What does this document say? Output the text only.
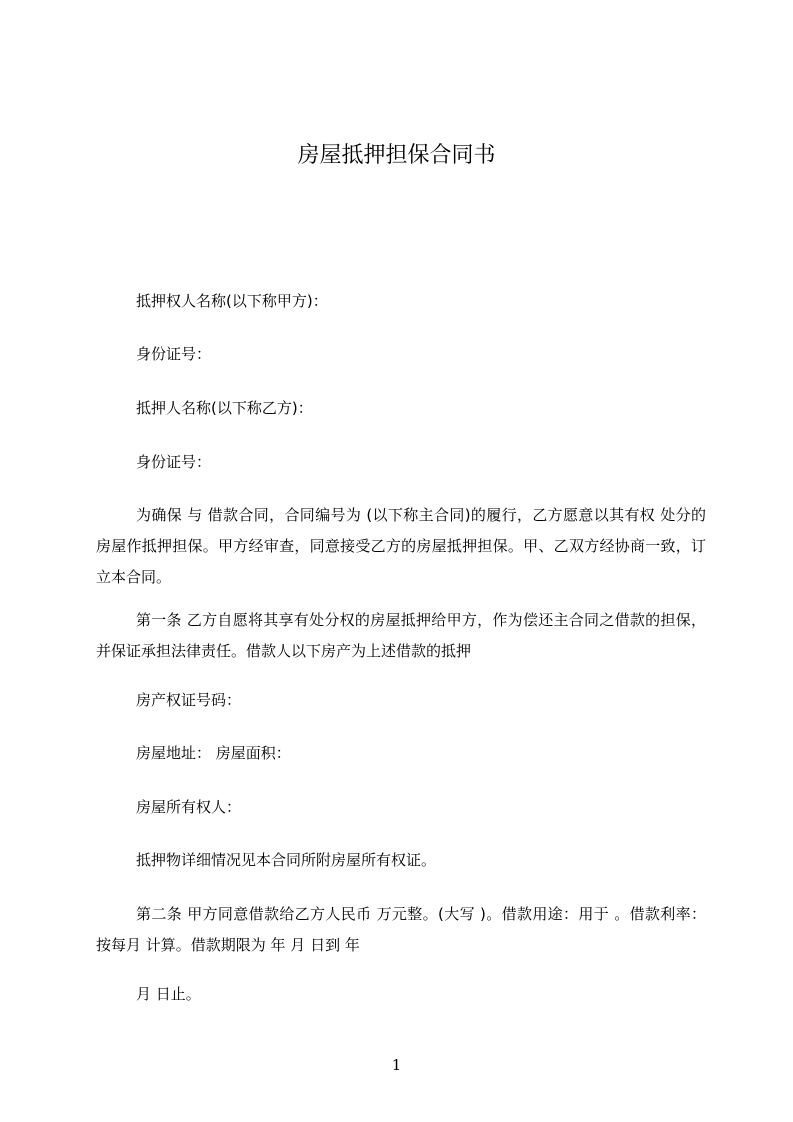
房屋抵押担保合同书
抵押权人名称(以下称甲方)：
身份证号：
抵押人名称(以下称乙方)：
身份证号：
为确保 与 借款合同，合同编号为 (以下称主合同)的履行，乙方愿意以其有权 处分的房屋作抵押担保。甲方经审查，同意接受乙方的房屋抵押担保。甲、乙双方经协商一致，订立本合同。
第一条 乙方自愿将其享有处分权的房屋抵押给甲方，作为偿还主合同之借款的担保，并保证承担法律责任。借款人以下房产为上述借款的抵押
房产权证号码：
房屋地址： 房屋面积：
房屋所有权人：
抵押物详细情况见本合同所附房屋所有权证。
第二条 甲方同意借款给乙方人民币 万元整。(大写 )。借款用途：用于 。借款利率：按每月 计算。借款期限为 年 月 日到 年
月 日止。
1
